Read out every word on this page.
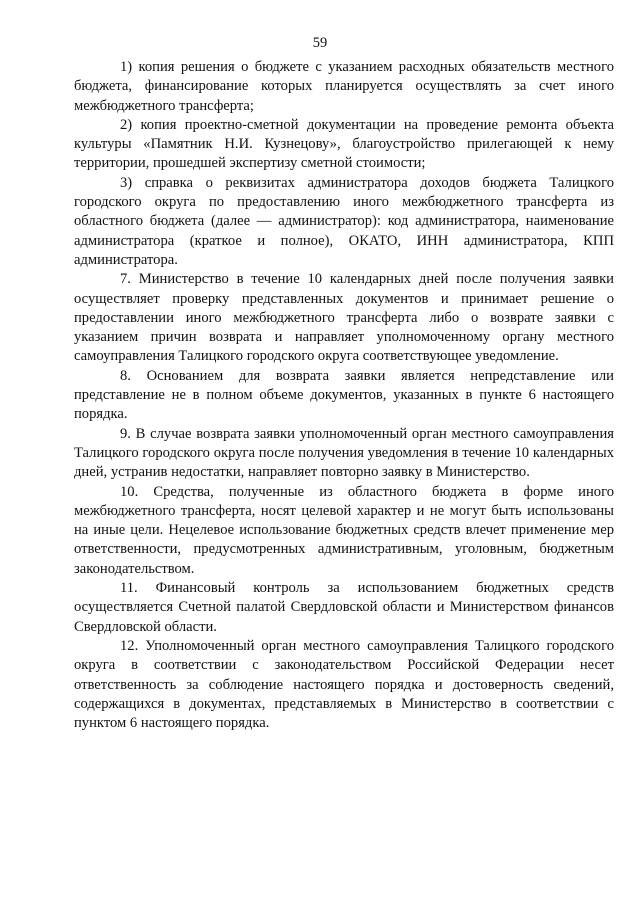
59

1) копия решения о бюджете с указанием расходных обязательств местного бюджета, финансирование которых планируется осуществлять за счет иного межбюджетного трансферта;

2) копия проектно-сметной документации на проведение ремонта объекта культуры «Памятник Н.И. Кузнецову», благоустройство прилегающей к нему территории, прошедшей экспертизу сметной стоимости;

3) справка о реквизитах администратора доходов бюджета Талицкого городского округа по предоставлению иного межбюджетного трансферта из областного бюджета (далее — администратор): код администратора, наименование администратора (краткое и полное), ОКАТО, ИНН администратора, КПП администратора.

7. Министерство в течение 10 календарных дней после получения заявки осуществляет проверку представленных документов и принимает решение о предоставлении иного межбюджетного трансферта либо о возврате заявки с указанием причин возврата и направляет уполномоченному органу местного самоуправления Талицкого городского округа соответствующее уведомление.

8. Основанием для возврата заявки является непредставление или представление не в полном объеме документов, указанных в пункте 6 настоящего порядка.

9. В случае возврата заявки уполномоченный орган местного самоуправления Талицкого городского округа после получения уведомления в течение 10 календарных дней, устранив недостатки, направляет повторно заявку в Министерство.

10. Средства, полученные из областного бюджета в форме иного межбюджетного трансферта, носят целевой характер и не могут быть использованы на иные цели. Нецелевое использование бюджетных средств влечет применение мер ответственности, предусмотренных административным, уголовным, бюджетным законодательством.

11. Финансовый контроль за использованием бюджетных средств осуществляется Счетной палатой Свердловской области и Министерством финансов Свердловской области.

12. Уполномоченный орган местного самоуправления Талицкого городского округа в соответствии с законодательством Российской Федерации несет ответственность за соблюдение настоящего порядка и достоверность сведений, содержащихся в документах, представляемых в Министерство в соответствии с пунктом 6 настоящего порядка.
